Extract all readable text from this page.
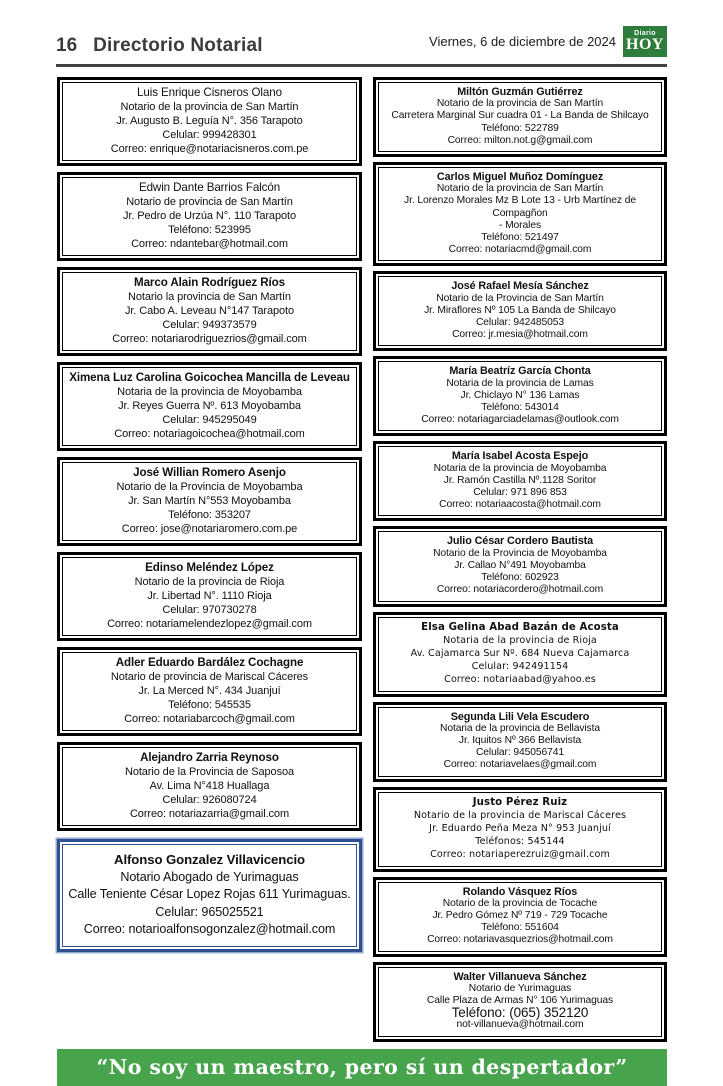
16 Directorio Notarial	Viernes, 6 de diciembre de 2024
Diario
HOY
Luis Enrique Cisneros Olano
Notario de la provincia de San Martín
Jr. Augusto B. Leguía N°. 356 Tarapoto
Celular: 999428301
Correo: enrique@notariacisneros.com.pe
Edwin Dante Barrios Falcón
Notario de provincia de San Martín
Jr. Pedro de Urzúa N°. 110 Tarapoto
Teléfono: 523995
Correo: ndantebar@hotmail.com
Marco Alain Rodríguez Ríos
Notario la provincia de San Martín
Jr. Cabo A. Leveau N°147 Tarapoto
Celular: 949373579
Correo: notariarodriguezrios@gmail.com
Ximena Luz Carolina Goicochea Mancilla de Leveau
Notaria de la provincia de Moyobamba
Jr. Reyes Guerra Nº. 613 Moyobamba
Celular: 945295049
Correo: notariagoicochea@hotmail.com
José Willian Romero Asenjo
Notario de la Provincia de Moyobamba
Jr. San Martín N°553 Moyobamba
Teléfono: 353207
Correo: jose@notariaromero.com.pe
Edinso Meléndez López
Notario de la provincia de Rioja
Jr. Libertad N°. 1110 Rioja
Celular: 970730278
Correo: notariamelendezlopez@gmail.com
Adler Eduardo Bardález Cochagne
Notario de provincia de Mariscal Cáceres
Jr. La Merced N°. 434 Juanjuí
Teléfono: 545535
Correo: notariabarcoch@gmail.com
Alejandro Zarria Reynoso
Notario de la Provincia de Saposoa
Av. Lima N°418 Huallaga
Celular: 926080724
Correo: notariazarria@gmail.com
Alfonso Gonzalez Villavicencio
Notario Abogado de Yurimaguas
Calle Teniente César Lopez Rojas 611 Yurimaguas.
Celular: 965025521
Correo: notarioalfonsogonzalez@hotmail.com
Miltón Guzmán Gutiérrez
Notario de la provincia de San Martín
Carretera Marginal Sur cuadra 01 - La Banda de Shilcayo
Teléfono: 522789
Correo: milton.not.g@gmail.com
Carlos Miguel Muñoz Domínguez
Notario de la provincia de San Martín
Jr. Lorenzo Morales Mz B Lote 13 - Urb Martínez de Compagñon
- Morales
Teléfono: 521497
Correo: notariacmd@gmail.com
José Rafael Mesía Sánchez
Notario de la Provincia de San Martín
Jr. Miraflores Nº 105 La Banda de Shilcayo
Celular: 942485053
Correo: jr.mesia@hotmail.com
María Beatríz García Chonta
Notaria de la provincia de Lamas
Jr. Chiclayo N° 136 Lamas
Teléfono: 543014
Correo: notariagarciadelamas@outlook.com
María Isabel Acosta Espejo
Notaria de la provincia de Moyobamba
Jr. Ramón Castilla Nº.1128 Soritor
Celular: 971 896 853
Correo: notariaacosta@hotmail.com
Julio César Cordero Bautista
Notario de la Provincia de Moyobamba
Jr. Callao N°491 Moyobamba
Teléfono: 602923
Correo: notariacordero@hotmail.com
Elsa Gelina Abad Bazán de Acosta
Notaria de la provincia de Rioja
Av. Cajamarca Sur Nº. 684 Nueva Cajamarca
Celular: 942491154
Correo: notariaabad@yahoo.es
Segunda Lili Vela Escudero
Notaria de la provincia de Bellavista
Jr. Iquitos Nº 366 Bellavista
Celular: 945056741
Correo: notariavelaes@gmail.com
Justo Pérez Ruiz
Notario de la provincia de Mariscal Cáceres
Jr. Eduardo Peña Meza N° 953 Juanjuí
Teléfonos: 545144
Correo: notariaperezruiz@gmail.com
Rolando Vásquez Ríos
Notario de la provincia de Tocache
Jr. Pedro Gómez Nº 719 - 729 Tocache
Teléfono: 551604
Correo: notariavasquezrios@hotmail.com
Walter Villanueva Sánchez
Notario de Yurimaguas
Calle Plaza de Armas N° 106 Yurimaguas
Teléfono: (065) 352120
not-villanueva@hotmail.com
“No soy un maestro, pero sí un despertador”
